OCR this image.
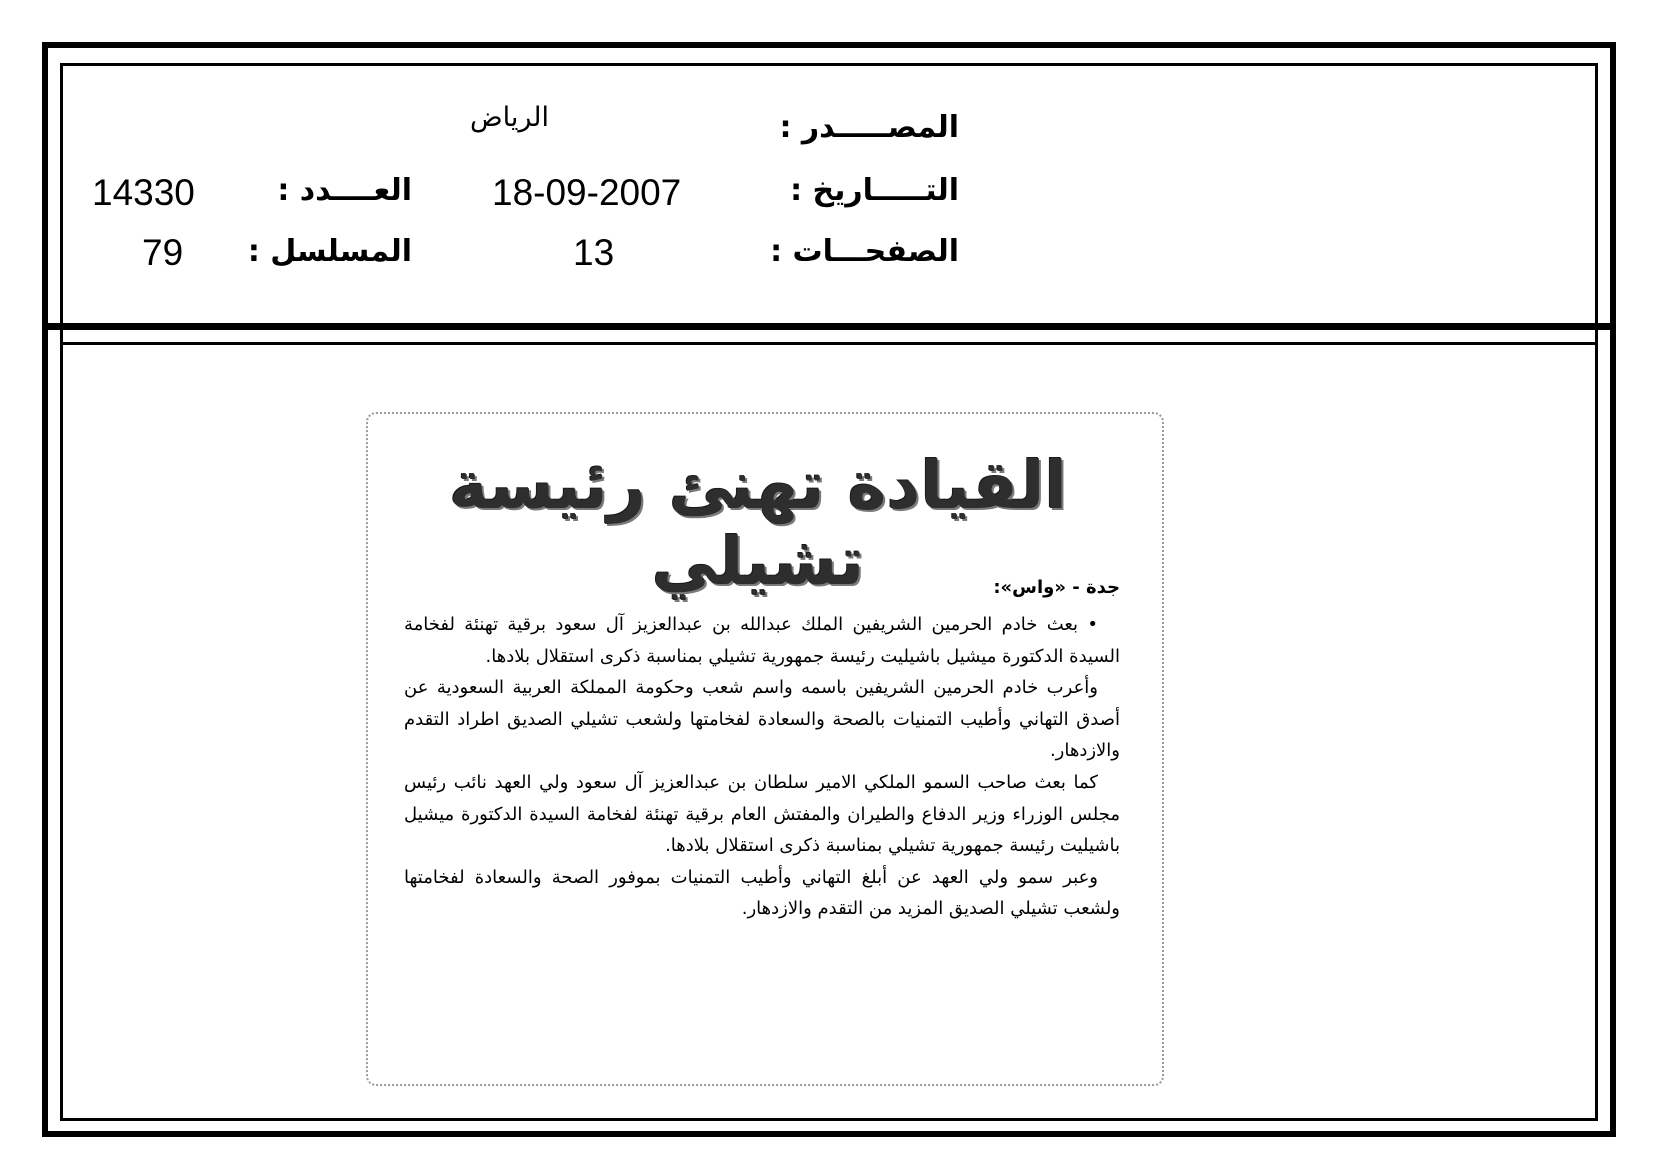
المصـــــدر :
الرياض
التـــــاريخ :
18-09-2007
العــــدد :
14330
الصفحـــات :
13
المسلسل :
79
القيادة تهنئ رئيسة تشيلي	جدة - «واس»:

• بعث خادم الحرمين الشريفين الملك عبدالله بن عبدالعزيز آل سعود برقية تهنئة لفخامة السيدة الدكتورة ميشيل باشيليت رئيسة جمهورية تشيلي بمناسبة ذكرى استقلال بلادها.

وأعرب خادم الحرمين الشريفين باسمه واسم شعب وحكومة المملكة العربية السعودية عن أصدق التهاني وأطيب التمنيات بالصحة والسعادة لفخامتها ولشعب تشيلي الصديق اطراد التقدم والازدهار.

كما بعث صاحب السمو الملكي الامير سلطان بن عبدالعزيز آل سعود ولي العهد نائب رئيس مجلس الوزراء وزير الدفاع والطيران والمفتش العام برقية تهنئة لفخامة السيدة الدكتورة ميشيل باشيليت رئيسة جمهورية تشيلي بمناسبة ذكرى استقلال بلادها.

وعبر سمو ولي العهد عن أبلغ التهاني وأطيب التمنيات بموفور الصحة والسعادة لفخامتها ولشعب تشيلي الصديق المزيد من التقدم والازدهار.
